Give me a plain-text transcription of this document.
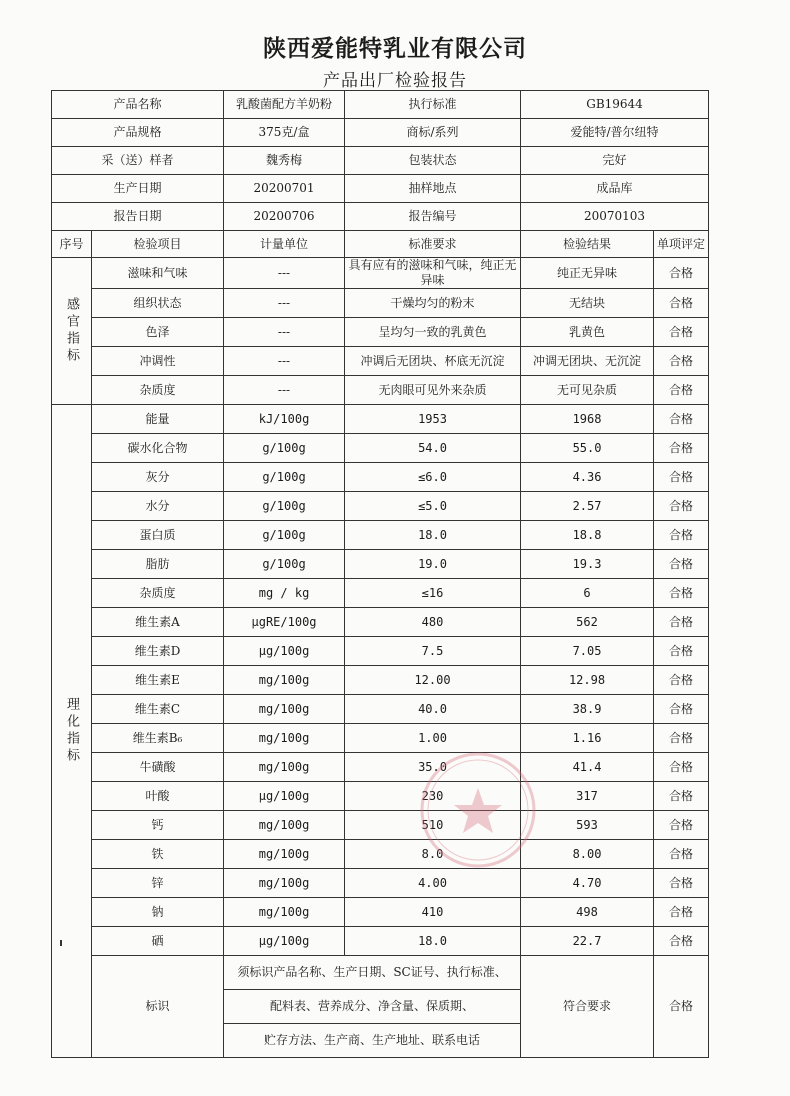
陕西爱能特乳业有限公司
产品出厂检验报告
产品名称		乳酸菌配方羊奶粉	执行标准	GB19644	
产品规格		375克/盒	商标/系列	爱能特/普尔纽特	
采（送）样者		魏秀梅	包装状态	完好	
生产日期		20200701	抽样地点	成品库	
报告日期		20200706	报告编号	20070103	
序号	检验项目	计量单位	标准要求	检验结果	单项评定

感官指标	滋味和气味	---	具有应有的滋味和气味，纯正无异味	纯正无异味	合格
	组织状态	---	干燥均匀的粉末	无结块	合格
	色泽	---	呈均匀一致的乳黄色	乳黄色	合格
	冲调性	---	冲调后无团块、杯底无沉淀	冲调无团块、无沉淀	合格
	杂质度	---	无肉眼可见外来杂质	无可见杂质	合格

理化指标	能量	kJ/100g	1953	1968	合格
	碳水化合物	g/100g	54.0	55.0	合格
	灰分	g/100g	≤6.0	4.36	合格
	水分	g/100g	≤5.0	2.57	合格
	蛋白质	g/100g	18.0	18.8	合格
	脂肪	g/100g	19.0	19.3	合格
	杂质度	mg / kg	≤16	6	合格
	维生素A	μgRE/100g	480	562	合格
	维生素D	μg/100g	7.5	7.05	合格
	维生素E	mg/100g	12.00	12.98	合格
	维生素C	mg/100g	40.0	38.9	合格
	维生素B₆	mg/100g	1.00	1.16	合格
	牛磺酸	mg/100g	35.0	41.4	合格
	叶酸	μg/100g	230	317	合格
	钙	mg/100g	510	593	合格
	铁	mg/100g	8.0	8.00	合格
	锌	mg/100g	4.00	4.70	合格
	钠	mg/100g	410	498	合格
	硒	μg/100g	18.0	22.7	合格
	标识	须标识产品名称、生产日期、SC证号、执行标准、		符合要求	合格
		配料表、营养成分、净含量、保质期、			
		贮存方法、生产商、生产地址、联系电话			
